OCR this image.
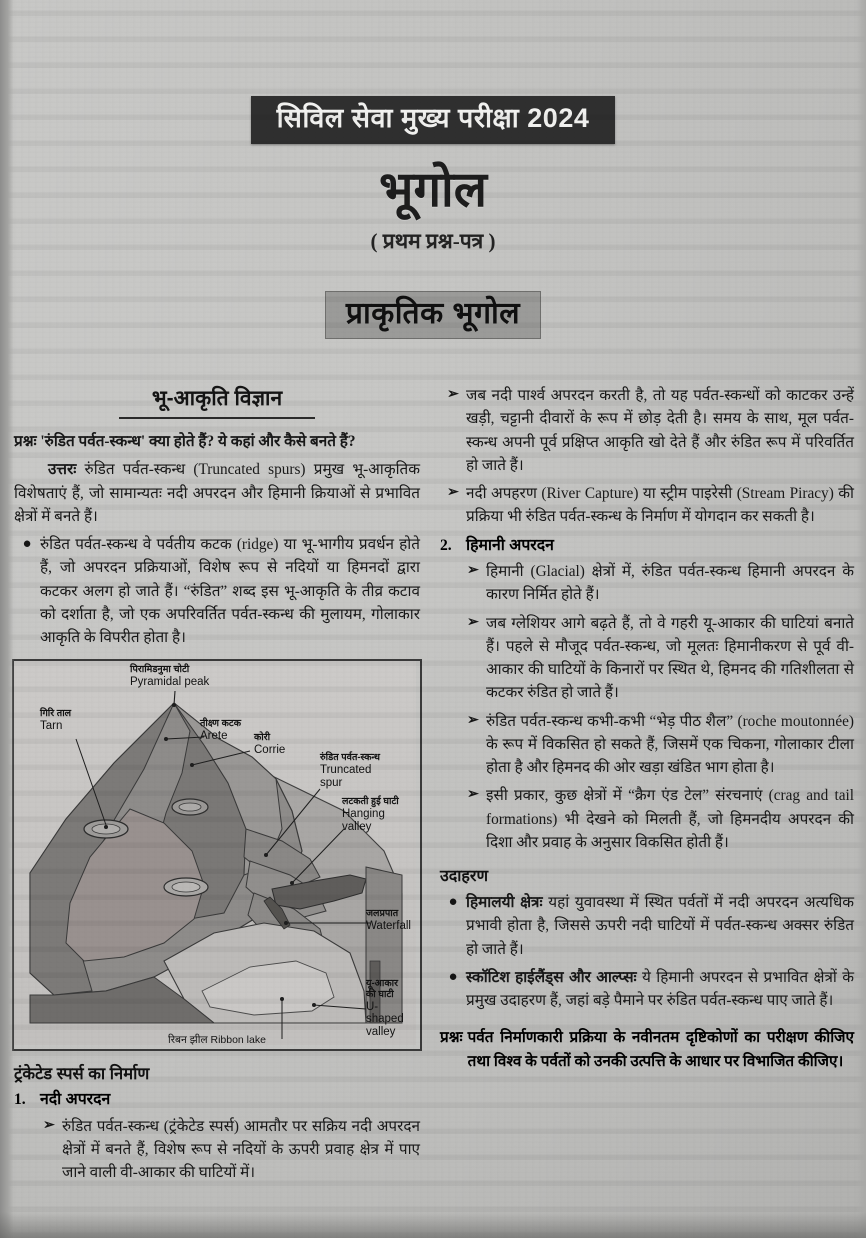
सिविल सेवा मुख्य परीक्षा 2024
भूगोल
( प्रथम प्रश्न-पत्र )
प्राकृतिक भूगोल
भू-आकृति विज्ञान
प्रश्नः 'रुंडित पर्वत-स्कन्ध' क्या होते हैं? ये कहां और कैसे बनते हैं?
उत्तरः रुंडित पर्वत-स्कन्ध (Truncated spurs) प्रमुख भू-आकृतिक विशेषताएं हैं, जो सामान्यतः नदी अपरदन और हिमानी क्रियाओं से प्रभावित क्षेत्रों में बनते हैं।
● रुंडित पर्वत-स्कन्ध वे पर्वतीय कटक (ridge) या भू-भागीय प्रवर्धन होते हैं, जो अपरदन प्रक्रियाओं, विशेष रूप से नदियों या हिमनदों द्वारा कटकर अलग हो जाते हैं। “रुंडित” शब्द इस भू-आकृति के तीव्र कटाव को दर्शाता है, जो एक अपरिवर्तित पर्वत-स्कन्ध की मुलायम, गोलाकार आकृति के विपरीत होता है।
पिरामिडनुमा चोटी
Pyramidal peak
गिरि ताल
Tarn	तीक्ष्ण कटक
Arete	कोरी
Corrie
रुंडित पर्वत-स्कन्ध
Truncated spur
लटकती हुई घाटी
Hanging valley
जलप्रपात
Waterfall
यू-आकार की घाटी
U-shaped valley
रिबन झील Ribbon lake
ट्रंकेटेड स्पर्स का निर्माण
1. नदी अपरदन
➢ रुंडित पर्वत-स्कन्ध (ट्रंकेटेड स्पर्स) आमतौर पर सक्रिय नदी अपरदन क्षेत्रों में बनते हैं, विशेष रूप से नदियों के ऊपरी प्रवाह क्षेत्र में पाए जाने वाली वी-आकार की घाटियों में।
➢ जब नदी पार्श्व अपरदन करती है, तो यह पर्वत-स्कन्धों को काटकर उन्हें खड़ी, चट्टानी दीवारों के रूप में छोड़ देती है। समय के साथ, मूल पर्वत-स्कन्ध अपनी पूर्व प्रक्षिप्त आकृति खो देते हैं और रुंडित रूप में परिवर्तित हो जाते हैं।
➢ नदी अपहरण (River Capture) या स्ट्रीम पाइरेसी (Stream Piracy) की प्रक्रिया भी रुंडित पर्वत-स्कन्ध के निर्माण में योगदान कर सकती है।
2. हिमानी अपरदन
➢ हिमानी (Glacial) क्षेत्रों में, रुंडित पर्वत-स्कन्ध हिमानी अपरदन के कारण निर्मित होते हैं।
➢ जब ग्लेशियर आगे बढ़ते हैं, तो वे गहरी यू-आकार की घाटियां बनाते हैं। पहले से मौजूद पर्वत-स्कन्ध, जो मूलतः हिमानीकरण से पूर्व वी-आकार की घाटियों के किनारों पर स्थित थे, हिमनद की गतिशीलता से कटकर रुंडित हो जाते हैं।
➢ रुंडित पर्वत-स्कन्ध कभी-कभी “भेड़ पीठ शैल” (roche moutonnée) के रूप में विकसित हो सकते हैं, जिसमें एक चिकना, गोलाकार टीला होता है और हिमनद की ओर खड़ा खंडित भाग होता है।
➢ इसी प्रकार, कुछ क्षेत्रों में “क्रैग एंड टेल” संरचनाएं (crag and tail formations) भी देखने को मिलती हैं, जो हिमनदीय अपरदन की दिशा और प्रवाह के अनुसार विकसित होती हैं।
उदाहरण
● हिमालयी क्षेत्रः यहां युवावस्था में स्थित पर्वतों में नदी अपरदन अत्यधिक प्रभावी होता है, जिससे ऊपरी नदी घाटियों में पर्वत-स्कन्ध अक्सर रुंडित हो जाते हैं।
● स्कॉटिश हाईलैंड्स और आल्प्सः ये हिमानी अपरदन से प्रभावित क्षेत्रों के प्रमुख उदाहरण हैं, जहां बड़े पैमाने पर रुंडित पर्वत-स्कन्ध पाए जाते हैं।
प्रश्नः पर्वत निर्माणकारी प्रक्रिया के नवीनतम दृष्टिकोणों का परीक्षण कीजिए तथा विश्व के पर्वतों को उनकी उत्पत्ति के आधार पर विभाजित कीजिए।
